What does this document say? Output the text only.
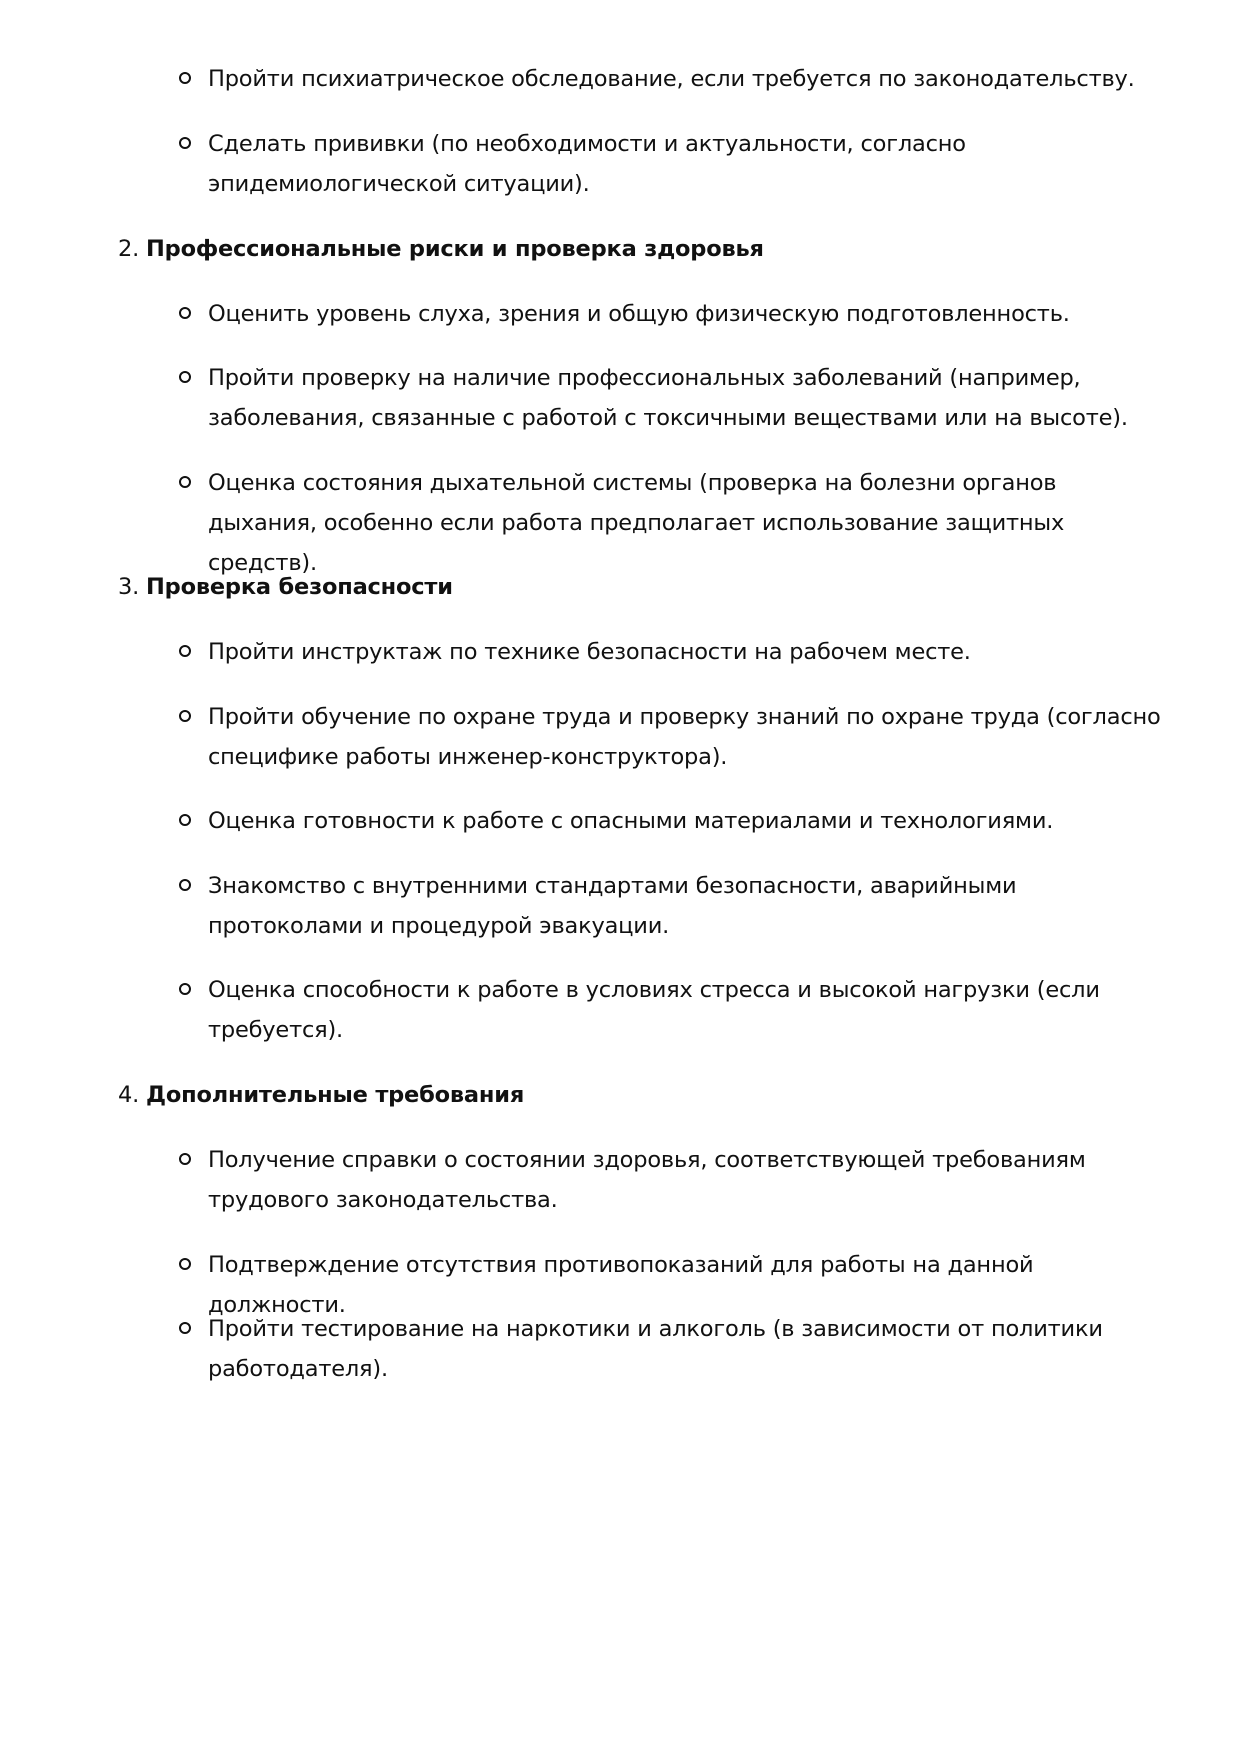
Пройти психиатрическое обследование, если требуется по законодательству.
Сделать прививки (по необходимости и актуальности, согласно эпидемиологической ситуации).
2. Профессиональные риски и проверка здоровья
Оценить уровень слуха, зрения и общую физическую подготовленность.
Пройти проверку на наличие профессиональных заболеваний (например, заболевания, связанные с работой с токсичными веществами или на высоте).
Оценка состояния дыхательной системы (проверка на болезни органов дыхания, особенно если работа предполагает использование защитных средств).
3. Проверка безопасности
Пройти инструктаж по технике безопасности на рабочем месте.
Пройти обучение по охране труда и проверку знаний по охране труда (согласно специфике работы инженер-конструктора).
Оценка готовности к работе с опасными материалами и технологиями.
Знакомство с внутренними стандартами безопасности, аварийными протоколами и процедурой эвакуации.
Оценка способности к работе в условиях стресса и высокой нагрузки (если требуется).
4. Дополнительные требования
Получение справки о состоянии здоровья, соответствующей требованиям трудового законодательства.
Подтверждение отсутствия противопоказаний для работы на данной должности.
Пройти тестирование на наркотики и алкоголь (в зависимости от политики работодателя).
